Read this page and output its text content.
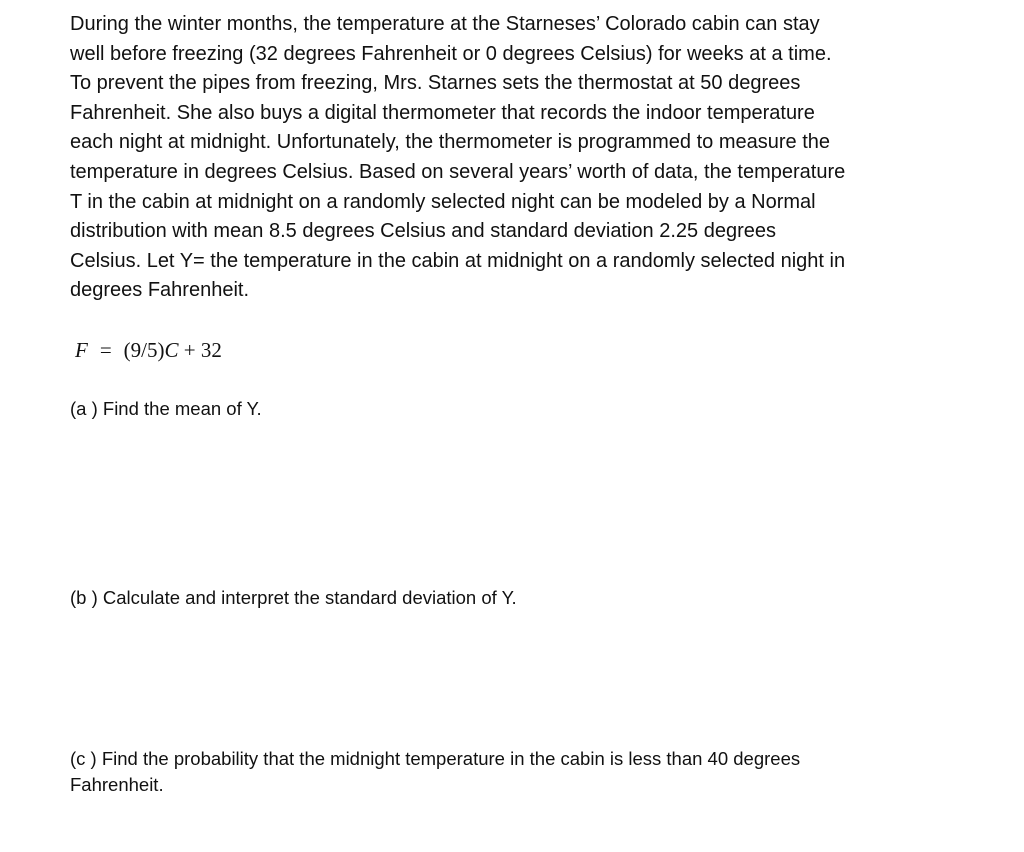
During the winter months, the temperature at the Starneses’ Colorado cabin can stay
well before freezing (32 degrees Fahrenheit or 0 degrees Celsius) for weeks at a time.
To prevent the pipes from freezing, Mrs. Starnes sets the thermostat at 50 degrees
Fahrenheit. She also buys a digital thermometer that records the indoor temperature
each night at midnight. Unfortunately, the thermometer is programmed to measure the
temperature in degrees Celsius. Based on several years’ worth of data, the temperature
T in the cabin at midnight on a randomly selected night can be modeled by a Normal
distribution with mean 8.5 degrees Celsius and standard deviation 2.25 degrees
Celsius. Let Y= the temperature in the cabin at midnight on a randomly selected night in
degrees Fahrenheit.

F = (9/5)C + 32

(a ) Find the mean of Y.

(b ) Calculate and interpret the standard deviation of Y.

(c ) Find the probability that the midnight temperature in the cabin is less than 40 degrees
Fahrenheit.
